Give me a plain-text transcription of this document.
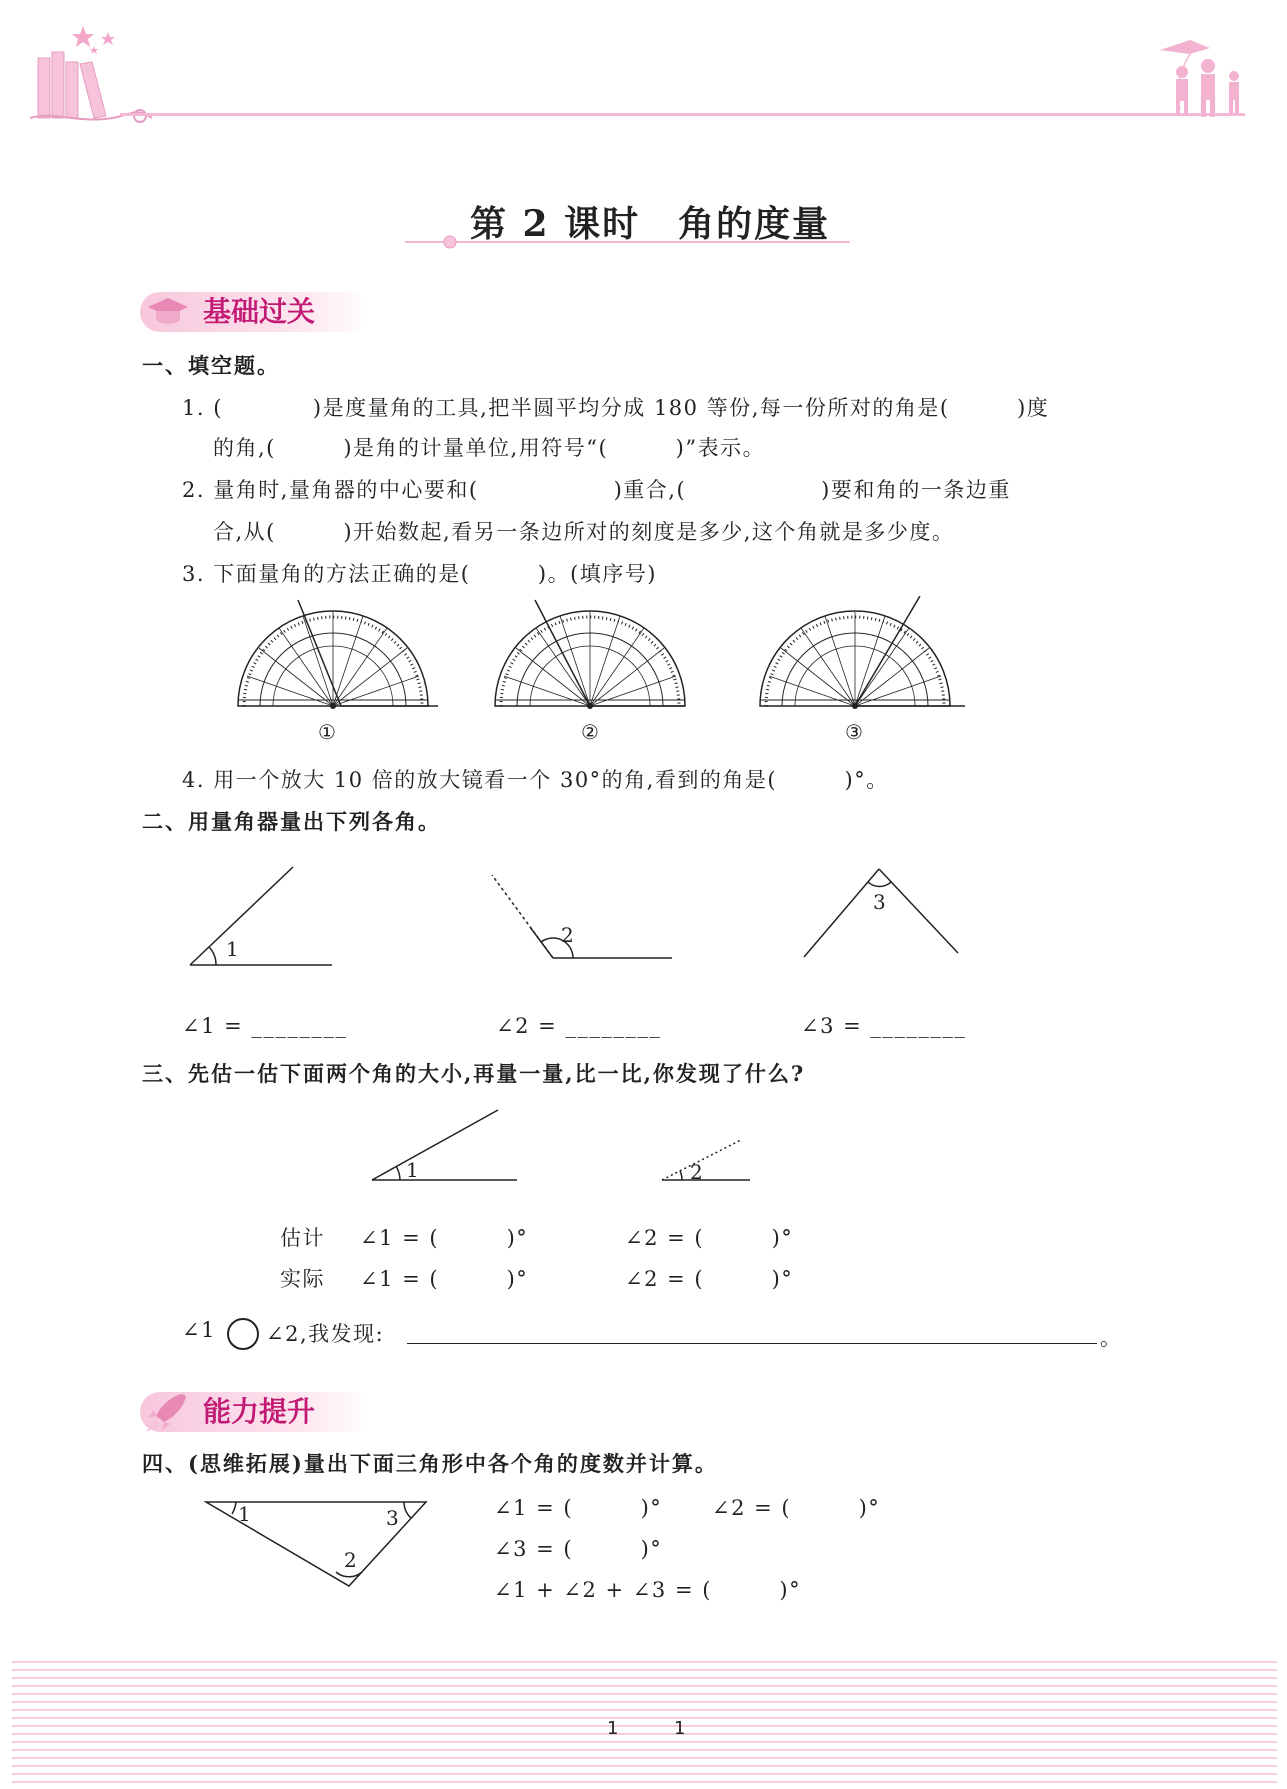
第 2 课时　角的度量
基础过关
一、填空题。
1. (　　　　)是度量角的工具,把半圆平均分成 180 等份,每一份所对的角是(　　　)度
的角,(　　　)是角的计量单位,用符号“(　　　)”表示。
2. 量角时,量角器的中心要和(　　　　　　)重合,(　　　　　　)要和角的一条边重
合,从(　　　)开始数起,看另一条边所对的刻度是多少,这个角就是多少度。
3. 下面量角的方法正确的是(　　　)。(填序号)
①	②	③
4. 用一个放大 10 倍的放大镜看一个 30°的角,看到的角是(　　　)°。
二、用量角器量出下列各角。
1
2
3
∠1 = ________	∠2 = ________	∠3 = ________
三、先估一估下面两个角的大小,再量一量,比一比,你发现了什么?
1	2
估计 ∠1 = (　　　)°	∠2 = (　　　)°
实际 ∠1 = (　　　)°	∠2 = (　　　)°
∠1 ∠2,我发现:	。
能力提升
四、(思维拓展)量出下面三角形中各个角的度数并计算。
1
2
3	∠1 = (　　　)° ∠2 = (　　　)°
∠3 = (　　　)°
∠1 + ∠2 + ∠3 = (　　　)°
1	1
